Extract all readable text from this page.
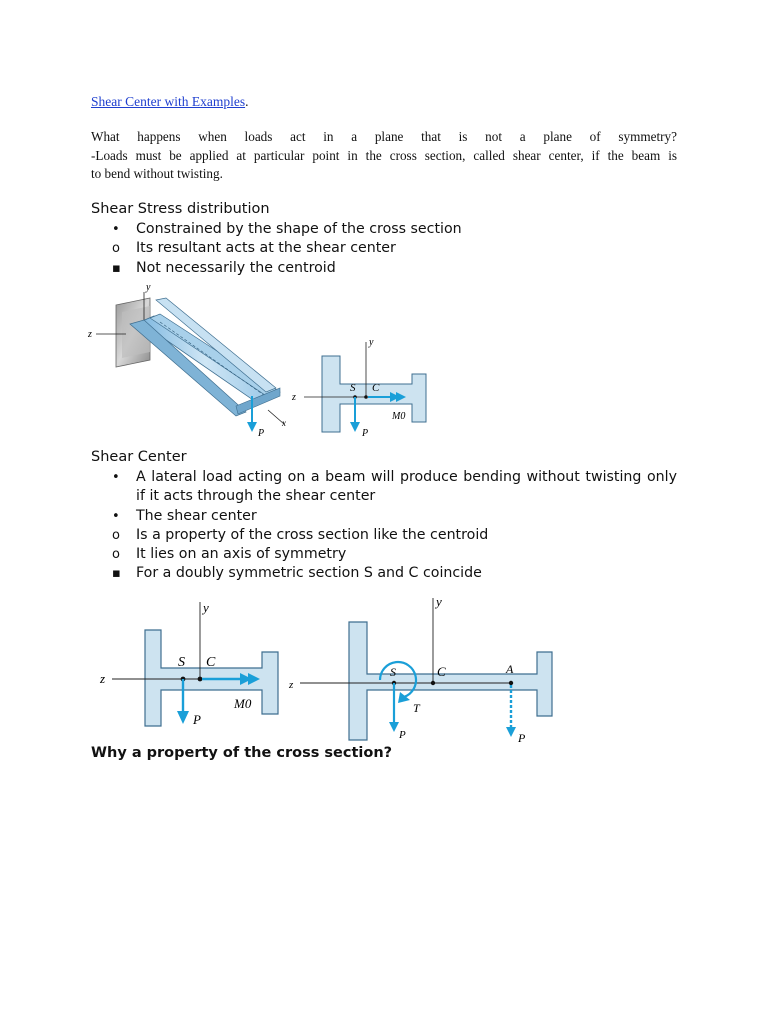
Shear Center with Examples.
What happens when loads act in a plane that is not a plane of symmetry?
-Loads must be applied at particular point in the cross section, called shear center, if the beam is
to bend without twisting.
Shear Stress distribution
•	Constrained by the shape of the cross section
o	Its resultant acts at the shear center
▪	Not necessarily the centroid
y
z
P
x
y
z
S C
P
M0
Shear Center
•	A lateral load acting on a beam will produce bending without twisting only if it acts through the shear center
•	The shear center
o	Is a property of the cross section like the centroid
o	It lies on an axis of symmetry
▪	For a doubly symmetric section S and C coincide
y
z
S C
P
M0
y
z
S	C	A
T
P	P
Why a property of the cross section?
